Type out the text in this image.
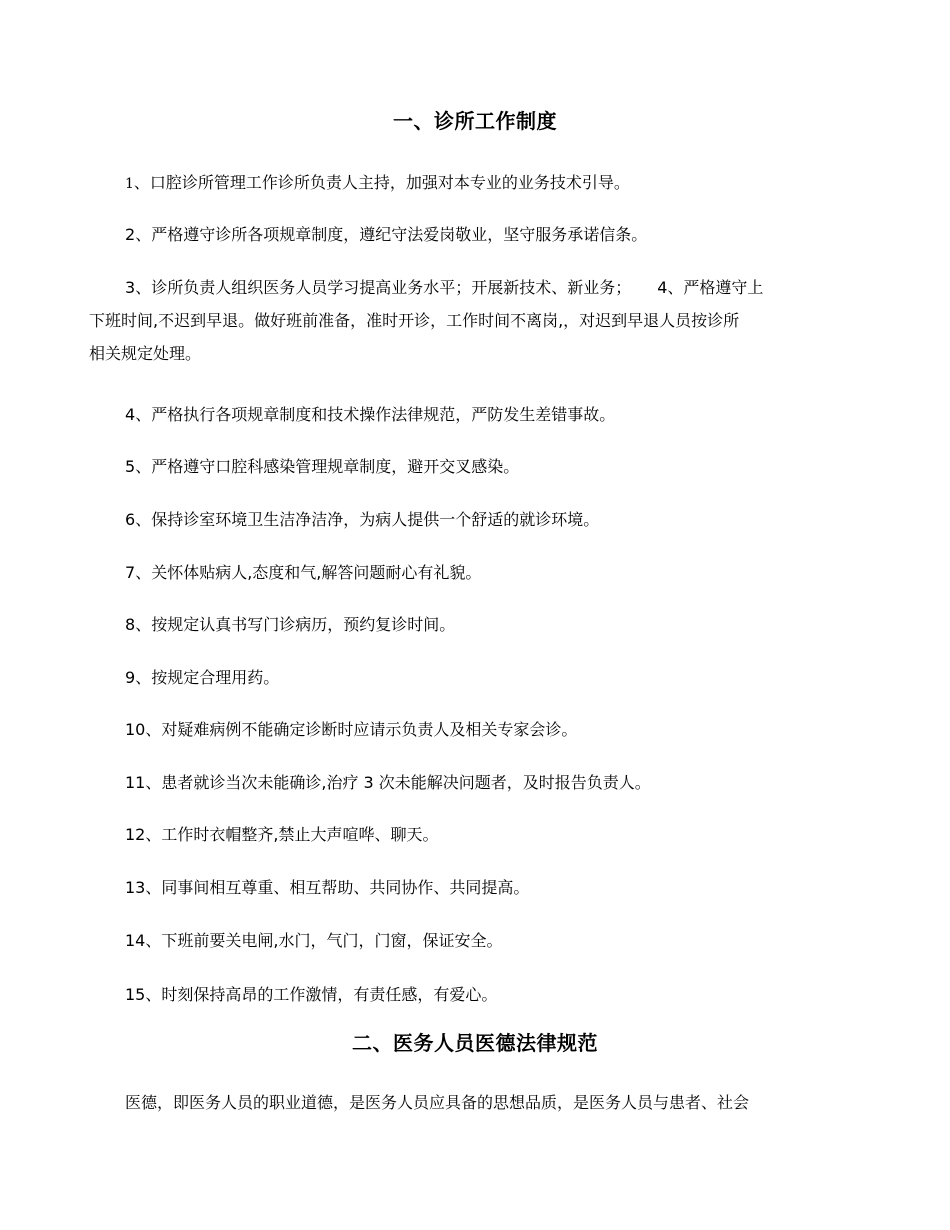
一、诊所工作制度
1、口腔诊所管理工作诊所负责人主持，加强对本专业的业务技术引导。
2、严格遵守诊所各项规章制度，遵纪守法爱岗敬业，坚守服务承诺信条。
3、诊所负责人组织医务人员学习提高业务水平；开展新技术、新业务； 4、严格遵守上
下班时间,不迟到早退。做好班前准备，准时开诊，工作时间不离岗,，对迟到早退人员按诊所
相关规定处理。
4、严格执行各项规章制度和技术操作法律规范，严防发生差错事故。
5、严格遵守口腔科感染管理规章制度，避开交叉感染。
6、保持诊室环境卫生洁净洁净，为病人提供一个舒适的就诊环境。
7、关怀体贴病人,态度和气,解答问题耐心有礼貌。
8、按规定认真书写门诊病历，预约复诊时间。
9、按规定合理用药。
10、对疑难病例不能确定诊断时应请示负责人及相关专家会诊。
11、患者就诊当次未能确诊,治疗 3 次未能解决问题者，及时报告负责人。
12、工作时衣帽整齐,禁止大声喧哗、聊天。
13、同事间相互尊重、相互帮助、共同协作、共同提高。
14、下班前要关电闸,水门，气门，门窗，保证安全。
15、时刻保持高昂的工作激情，有责任感，有爱心。
二、医务人员医德法律规范
医德，即医务人员的职业道德，是医务人员应具备的思想品质，是医务人员与患者、社会
